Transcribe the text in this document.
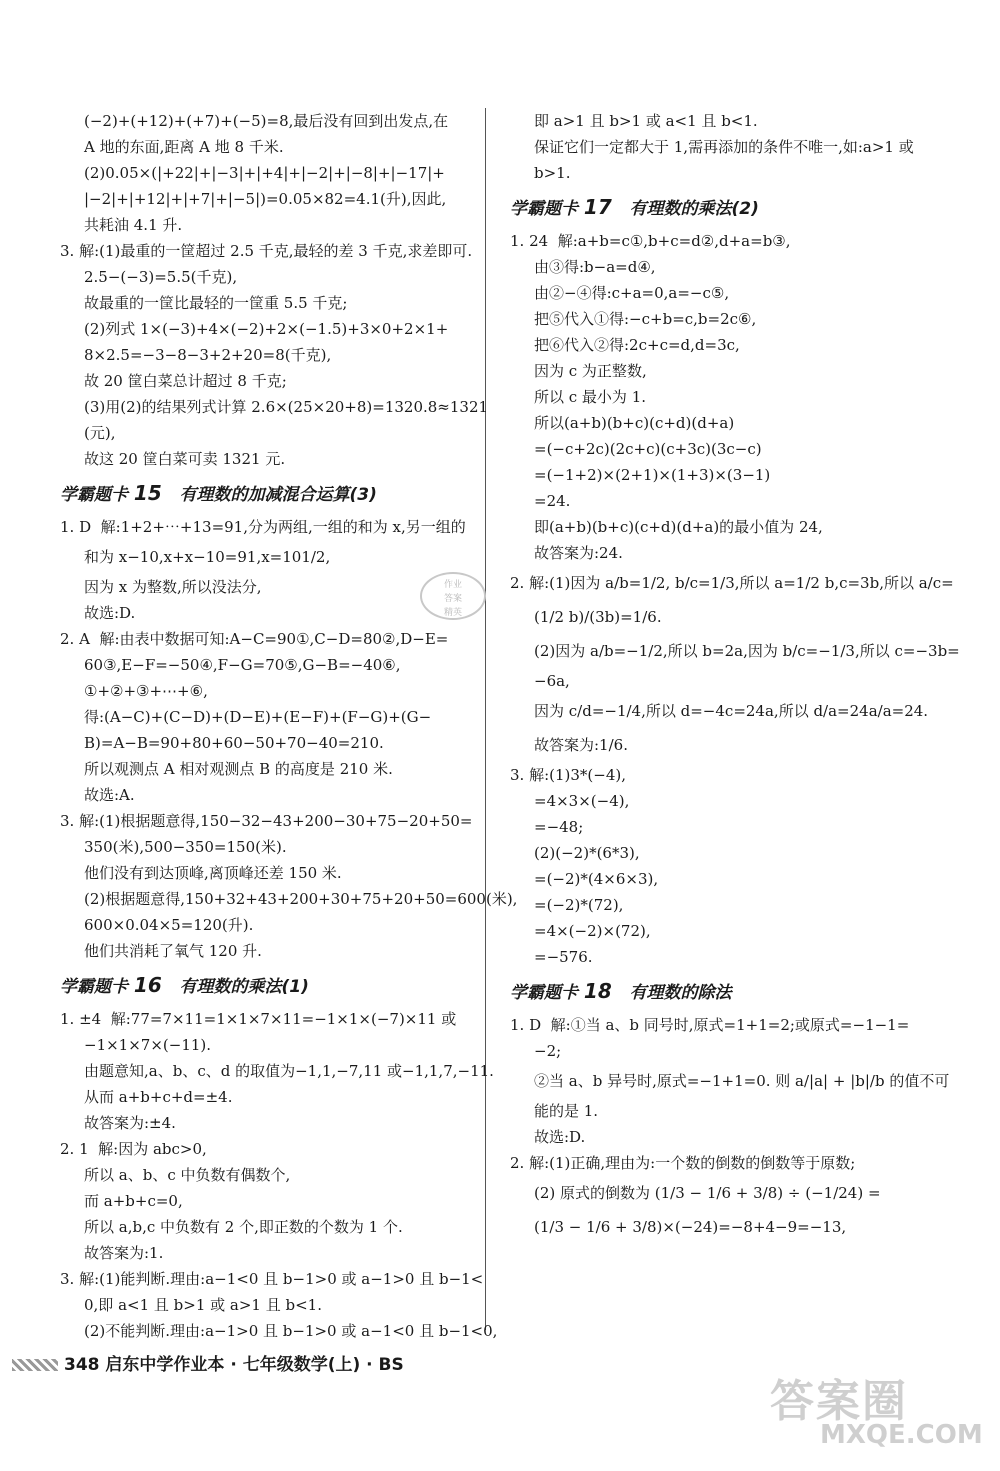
(−2)+(+12)+(+7)+(−5)=8,最后没有回到出发点,在
A 地的东面,距离 A 地 8 千米.
(2)0.05×(|+22|+|−3|+|+4|+|−2|+|−8|+|−17|+
|−2|+|+12|+|+7|+|−5|)=0.05×82=4.1(升),因此,
共耗油 4.1 升.
3. 解:(1)最重的一筐超过 2.5 千克,最轻的差 3 千克,求差即可.
2.5−(−3)=5.5(千克),
故最重的一筐比最轻的一筐重 5.5 千克;
(2)列式 1×(−3)+4×(−2)+2×(−1.5)+3×0+2×1+
8×2.5=−3−8−3+2+20=8(千克),
故 20 筐白菜总计超过 8 千克;
(3)用(2)的结果列式计算 2.6×(25×20+8)=1320.8≈1321
(元),
故这 20 筐白菜可卖 1321 元.
学霸题卡 15 有理数的加减混合运算(3)
1. D  解:1+2+⋯+13=91,分为两组,一组的和为 x,另一组的
和为 x−10,x+x−10=91,x=101/2,
因为 x 为整数,所以没法分,
故选:D.
2. A  解:由表中数据可知:A−C=90①,C−D=80②,D−E=
60③,E−F=−50④,F−G=70⑤,G−B=−40⑥,
①+②+③+⋯+⑥,
得:(A−C)+(C−D)+(D−E)+(E−F)+(F−G)+(G−
B)=A−B=90+80+60−50+70−40=210.
所以观测点 A 相对观测点 B 的高度是 210 米.
故选:A.
3. 解:(1)根据题意得,150−32−43+200−30+75−20+50=
350(米),500−350=150(米).
他们没有到达顶峰,离顶峰还差 150 米.
(2)根据题意得,150+32+43+200+30+75+20+50=600(米),
600×0.04×5=120(升).
他们共消耗了氧气 120 升.
学霸题卡 16 有理数的乘法(1)
1. ±4  解:77=7×11=1×1×7×11=−1×1×(−7)×11 或
−1×1×7×(−11).
由题意知,a、b、c、d 的取值为−1,1,−7,11 或−1,1,7,−11.
从而 a+b+c+d=±4.
故答案为:±4.
2. 1  解:因为 abc>0,
所以 a、b、c 中负数有偶数个,
而 a+b+c=0,
所以 a,b,c 中负数有 2 个,即正数的个数为 1 个.
故答案为:1.
3. 解:(1)能判断.理由:a−1<0 且 b−1>0 或 a−1>0 且 b−1<
0,即 a<1 且 b>1 或 a>1 且 b<1.
(2)不能判断.理由:a−1>0 且 b−1>0 或 a−1<0 且 b−1<0,
即 a>1 且 b>1 或 a<1 且 b<1.
保证它们一定都大于 1,需再添加的条件不唯一,如:a>1 或
b>1.
学霸题卡 17 有理数的乘法(2)
1. 24  解:a+b=c①,b+c=d②,d+a=b③,
由③得:b−a=d④,
由②−④得:c+a=0,a=−c⑤,
把⑤代入①得:−c+b=c,b=2c⑥,
把⑥代入②得:2c+c=d,d=3c,
因为 c 为正整数,
所以 c 最小为 1.
所以(a+b)(b+c)(c+d)(d+a)
=(−c+2c)(2c+c)(c+3c)(3c−c)
=(−1+2)×(2+1)×(1+3)×(3−1)
=24.
即(a+b)(b+c)(c+d)(d+a)的最小值为 24,
故答案为:24.
2. 解:(1)因为 a/b=1/2, b/c=1/3,所以 a=1/2 b,c=3b,所以 a/c=
(1/2 b)/(3b)=1/6.
(2)因为 a/b=−1/2,所以 b=2a,因为 b/c=−1/3,所以 c=−3b=
−6a,
因为 c/d=−1/4,所以 d=−4c=24a,所以 d/a=24a/a=24.
故答案为:1/6.
3. 解:(1)3*(−4),
=4×3×(−4),
=−48;
(2)(−2)*(6*3),
=(−2)*(4×6×3),
=(−2)*(72),
=4×(−2)×(72),
=−576.
学霸题卡 18 有理数的除法
1. D  解:①当 a、b 同号时,原式=1+1=2;或原式=−1−1=
−2;
②当 a、b 异号时,原式=−1+1=0. 则 a/|a| + |b|/b 的值不可
能的是 1.
故选:D.
2. 解:(1)正确,理由为:一个数的倒数的倒数等于原数;
(2) 原式的倒数为 (1/3 − 1/6 + 3/8) ÷ (−1/24) =
(1/3 − 1/6 + 3/8)×(−24)=−8+4−9=−13,
作业
答案
精英
348 启东中学作业本 · 七年级数学(上) · BS
答案圈
MXQE.COM
